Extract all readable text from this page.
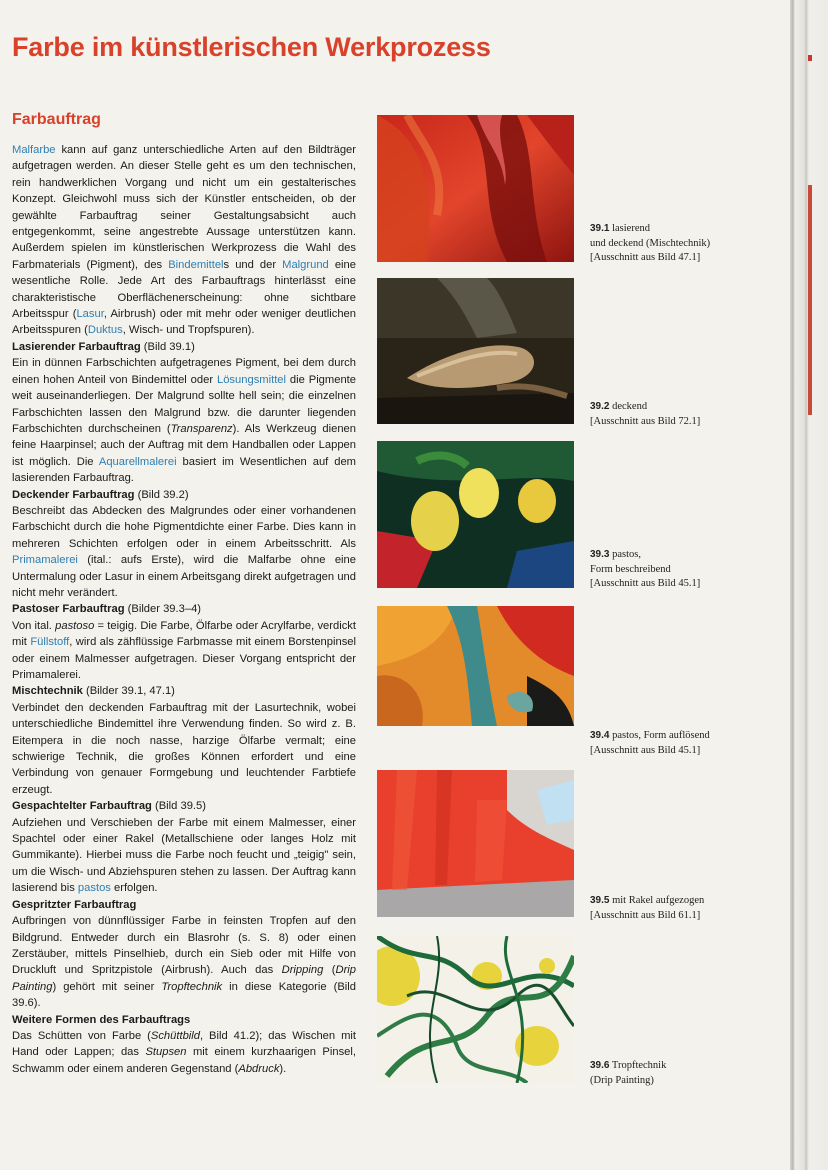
Farbe im künstlerischen Werkprozess
Farbauftrag

Malfarbe kann auf ganz unterschiedliche Arten auf den Bildträger aufgetragen werden. An dieser Stelle geht es um den technischen, rein handwerklichen Vorgang und nicht um ein gestalterisches Konzept. Gleichwohl muss sich der Künstler entscheiden, ob der gewählte Farbauftrag seiner Gestaltungsabsicht auch entgegenkommt, seine angestrebte Aussage unterstützen kann. Außerdem spielen im künstlerischen Werkprozess die Wahl des Farbmaterials (Pigment), des Bindemittels und der Malgrund eine wesentliche Rolle. Jede Art des Farbauftrags hinterlässt eine charakteristische Oberflächenerscheinung: ohne sichtbare Arbeitsspur (Lasur, Airbrush) oder mit mehr oder weniger deutlichen Arbeitsspuren (Duktus, Wisch- und Tropfspuren).

Lasierender Farbauftrag (Bild 39.1)

Ein in dünnen Farbschichten aufgetragenes Pigment, bei dem durch einen hohen Anteil von Bindemittel oder Lösungsmittel die Pigmente weit auseinanderliegen. Der Malgrund sollte hell sein; die einzelnen Farbschichten lassen den Malgrund bzw. die darunter liegenden Farbschichten durchscheinen (Transparenz). Als Werkzeug dienen feine Haarpinsel; auch der Auftrag mit dem Handballen oder Lappen ist möglich. Die Aquarellmalerei basiert im Wesentlichen auf dem lasierenden Farbauftrag.

Deckender Farbauftrag (Bild 39.2)

Beschreibt das Abdecken des Malgrundes oder einer vorhandenen Farbschicht durch die hohe Pigmentdichte einer Farbe. Dies kann in mehreren Schichten erfolgen oder in einem Arbeitsschritt. Als Primamalerei (ital.: aufs Erste), wird die Malfarbe ohne eine Untermalung oder Lasur in einem Arbeitsgang direkt aufgetragen und nicht mehr verändert.

Pastoser Farbauftrag (Bilder 39.3–4)

Von ital. pastoso = teigig. Die Farbe, Ölfarbe oder Acrylfarbe, verdickt mit Füllstoff, wird als zähflüssige Farbmasse mit einem Borstenpinsel oder einem Malmesser aufgetragen. Dieser Vorgang entspricht der Primamalerei.

Mischtechnik (Bilder 39.1, 47.1)

Verbindet den deckenden Farbauftrag mit der Lasurtechnik, wobei unterschiedliche Bindemittel ihre Verwendung finden. So wird z. B. Eitempera in die noch nasse, harzige Ölfarbe vermalt; eine schwierige Technik, die großes Können erfordert und eine Verbindung von genauer Formgebung und leuchtender Farbtiefe erzeugt.

Gespachtelter Farbauftrag (Bild 39.5)

Aufziehen und Verschieben der Farbe mit einem Malmesser, einer Spachtel oder einer Rakel (Metallschiene oder langes Holz mit Gummikante). Hierbei muss die Farbe noch feucht und „teigig" sein, um die Wisch- und Abziehspuren stehen zu lassen. Der Auftrag kann lasierend bis pastos erfolgen.

Gespritzter Farbauftrag

Aufbringen von dünnflüssiger Farbe in feinsten Tropfen auf den Bildgrund. Entweder durch ein Blasrohr (s. S. 8) oder einen Zerstäuber, mittels Pinselhieb, durch ein Sieb oder mit Hilfe von Druckluft und Spritzpistole (Airbrush). Auch das Dripping (Drip Painting) gehört mit seiner Tropftechnik in diese Kategorie (Bild 39.6).

Weitere Formen des Farbauftrags

Das Schütten von Farbe (Schüttbild, Bild 41.2); das Wischen mit Hand oder Lappen; das Stupsen mit einem kurzhaarigen Pinsel, Schwamm oder einem anderen Gegenstand (Abdruck).

39.1 lasierend
und deckend (Mischtechnik)
[Ausschnitt aus Bild 47.1]
39.2 deckend
[Ausschnitt aus Bild 72.1]
39.3 pastos,
Form beschreibend
[Ausschnitt aus Bild 45.1]
39.4 pastos, Form auflösend
[Ausschnitt aus Bild 45.1]
39.5 mit Rakel aufgezogen
[Ausschnitt aus Bild 61.1]
39.6 Tropftechnik
(Drip Painting)
